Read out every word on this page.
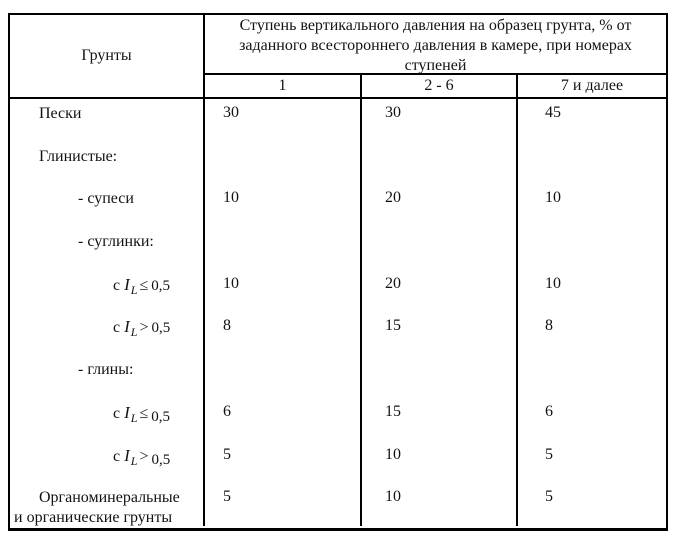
Грунты
Ступень вертикального давления на образец грунта, % от заданного всестороннего давления в камере, при номерах ступеней
1	2 - 6	7 и далее
Пески	30	30	45
Глинистые:
- супеси	10	20	10
- суглинки:
с $I_L \le 0,5$	10	20	10
с $I_L > 0,5$	8	15	8
- глины:
с $I_L \le 0,5$	6	15	6
с $I_L > 0,5$	5	10	5
Органоминеральные
и органические грунты
5	10	5
